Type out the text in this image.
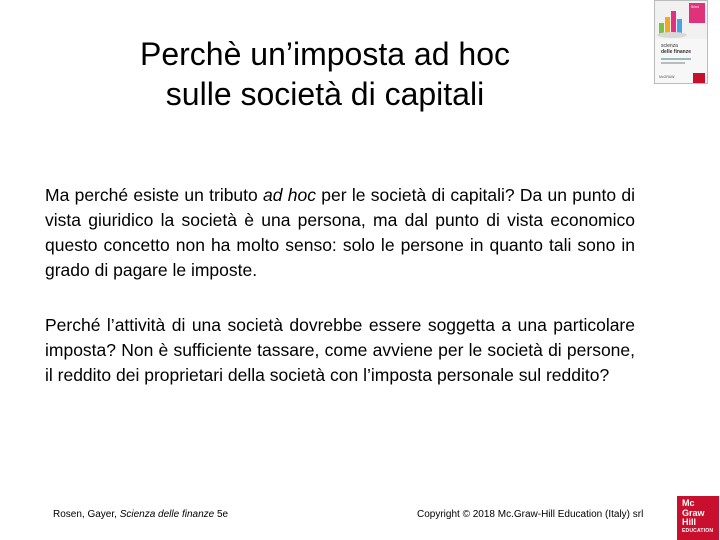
Perchè un’imposta ad hoc
sulle società di capitali
Ma perché esiste un tributo ad hoc per le società di capitali? Da un punto di vista giuridico la società è una persona, ma dal punto di vista economico questo concetto non ha molto senso: solo le persone in quanto tali sono in grado di pagare le imposte.
Perché l’attività di una società dovrebbe essere soggetta a una particolare imposta? Non è sufficiente tassare, come avviene per le società di persone, il reddito dei proprietari della società con l’imposta personale sul reddito?
Rosen, Gayer, Scienza delle finanze 5e	Copyright © 2018 Mc.Graw-Hill Education (Italy) srl
5/ed
scienza
delle finanze
McGRAW
Mc
Graw
Hill
EDUCATION
